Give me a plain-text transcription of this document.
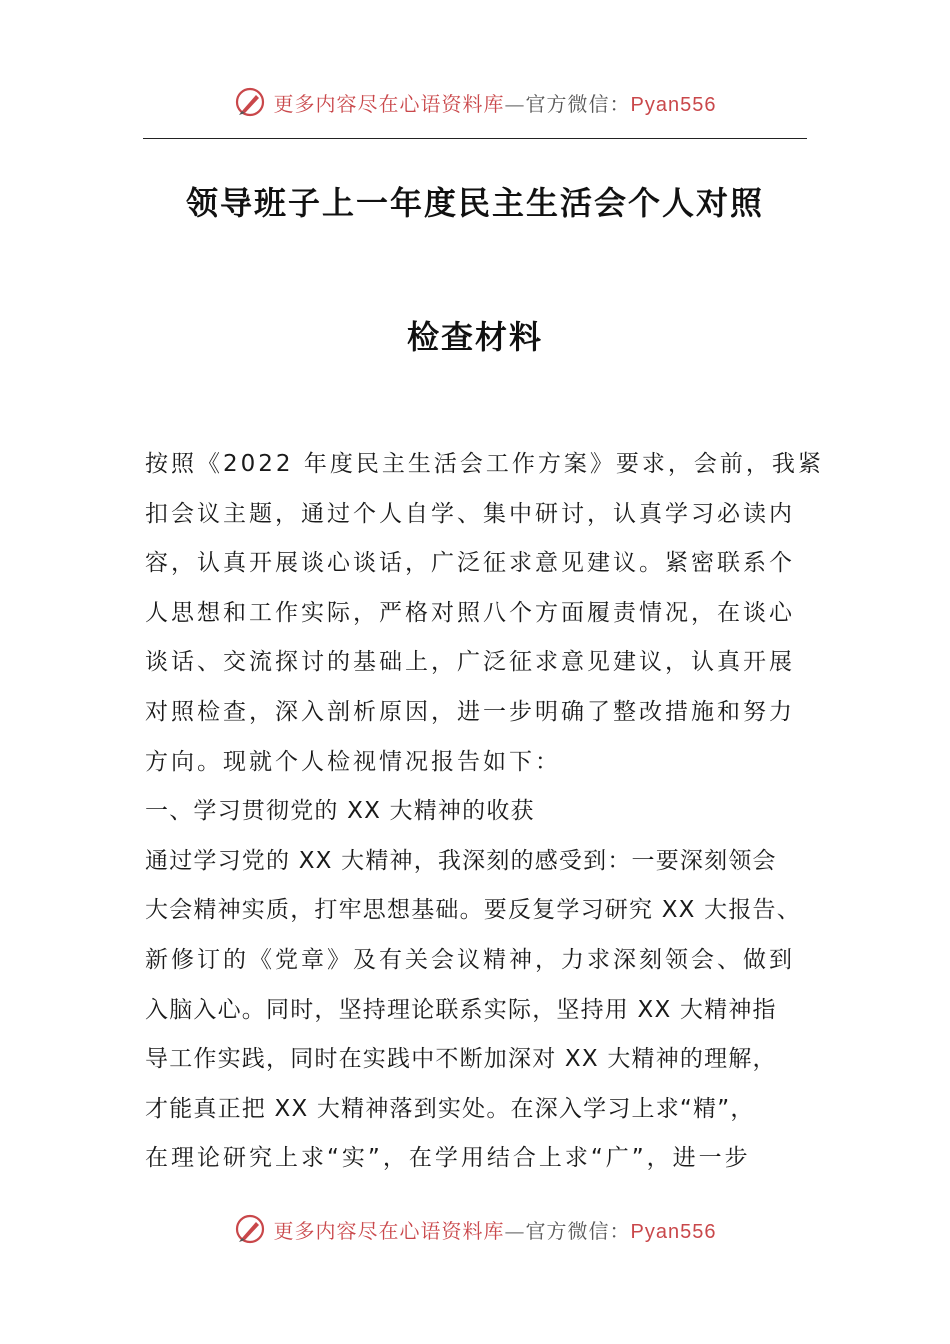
更多内容尽在心语资料库—官方微信：Pyan556
领导班子上一年度民主生活会个人对照
检查材料
按照《2022 年度民主生活会工作方案》要求，会前，我紧
扣会议主题，通过个人自学、集中研讨，认真学习必读内
容，认真开展谈心谈话，广泛征求意见建议。紧密联系个
人思想和工作实际，严格对照八个方面履责情况，在谈心
谈话、交流探讨的基础上，广泛征求意见建议，认真开展
对照检查，深入剖析原因，进一步明确了整改措施和努力
方向。现就个人检视情况报告如下：
一、学习贯彻党的 XX 大精神的收获
通过学习党的 XX 大精神，我深刻的感受到：一要深刻领会
大会精神实质，打牢思想基础。要反复学习研究 XX 大报告、
新修订的《党章》及有关会议精神，力求深刻领会、做到
入脑入心。同时，坚持理论联系实际，坚持用 XX 大精神指
导工作实践，同时在实践中不断加深对 XX 大精神的理解，
才能真正把 XX 大精神落到实处。在深入学习上求“精”，
在理论研究上求“实”，在学用结合上求“广”，进一步
更多内容尽在心语资料库—官方微信：Pyan556
